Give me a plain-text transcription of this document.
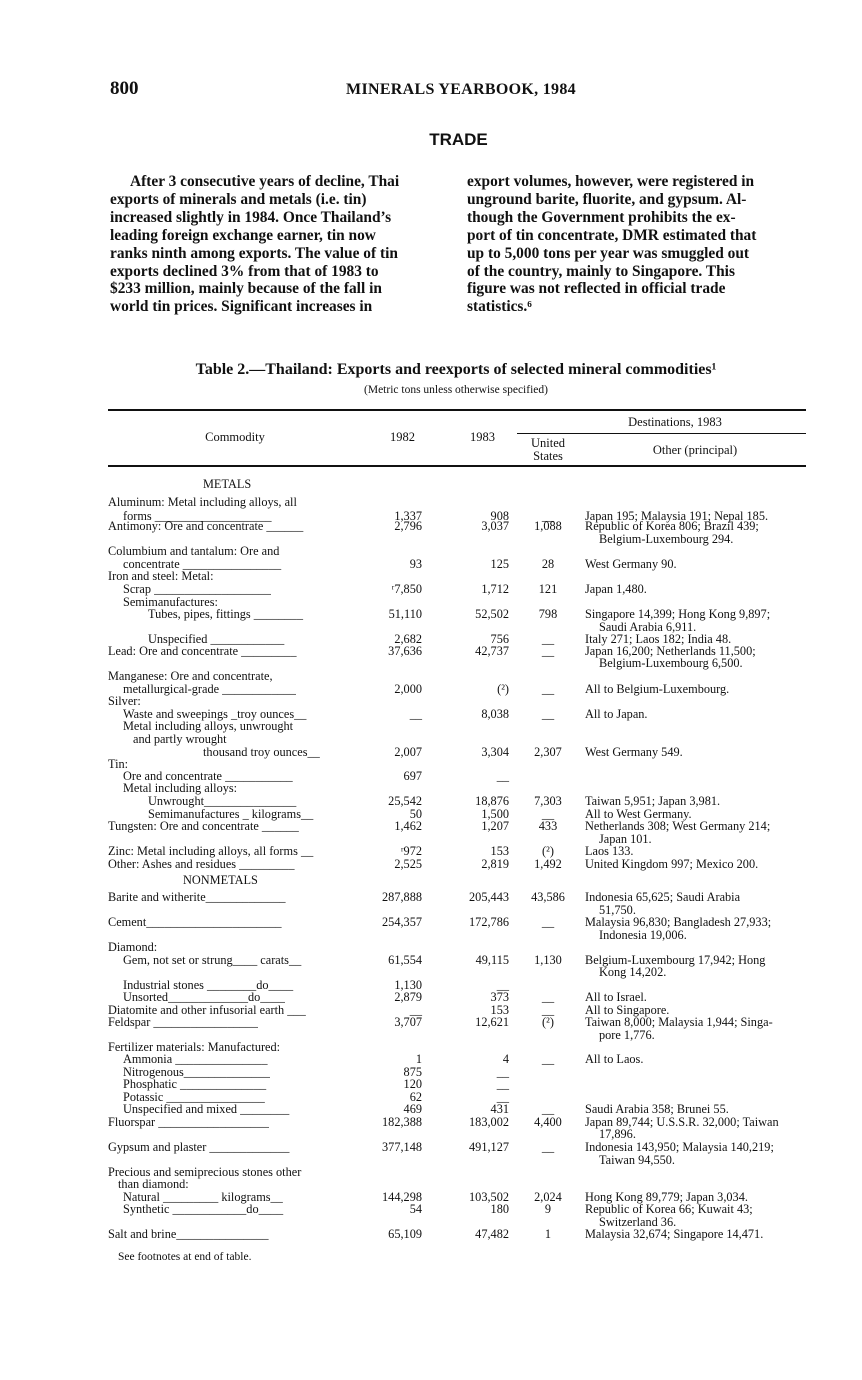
800	MINERALS YEARBOOK, 1984
TRADE

After 3 consecutive years of decline, Thai

exports of minerals and metals (i.e. tin)
increased slightly in 1984. Once Thailand’s
leading foreign exchange earner, tin now
ranks ninth among exports. The value of tin
exports declined 3% from that of 1983 to
$233 million, mainly because of the fall in
world tin prices. Significant increases in
export volumes, however, were registered in
unground barite, fluorite, and gypsum. Al-
though the Government prohibits the ex-
port of tin concentrate, DMR estimated that
up to 5,000 tons per year was smuggled out
of the country, mainly to Singapore. This
figure was not reflected in official trade
statistics.⁶
Table 2.—Thailand: Exports and reexports of selected mineral commodities¹
(Metric tons unless otherwise specified)
Commodity	1982	1983
Destinations, 1983
United States	Other (principal)
METALS
Aluminum: Metal including alloys, all
forms ___________________	1,337	908	__	Japan 195; Malaysia 191; Nepal 185.
Antimony: Ore and concentrate ______	2,796	3,037	1,088	Republic of Korea 806; Brazil 439;
Belgium-Luxembourg 294.
Columbium and tantalum: Ore and
concentrate ________________	93	125	28	West Germany 90.
Iron and steel: Metal:
Scrap ___________________	ʳ7,850	1,712	121	Japan 1,480.
Semimanufactures:
Tubes, pipes, fittings ________	51,110	52,502	798	Singapore 14,399; Hong Kong 9,897;
Saudi Arabia 6,911.
Unspecified ____________	2,682	756	__	Italy 271; Laos 182; India 48.
Lead: Ore and concentrate _________	37,636	42,737	__	Japan 16,200; Netherlands 11,500;
Belgium-Luxembourg 6,500.
Manganese: Ore and concentrate,
metallurgical-grade ____________	2,000	(²)	__	All to Belgium-Luxembourg.
Silver:
Waste and sweepings _troy ounces__	__	8,038	__	All to Japan.
Metal including alloys, unwrought
and partly wrought
thousand troy ounces__	2,007	3,304	2,307	West Germany 549.
Tin:
Ore and concentrate ___________	697	__
Metal including alloys:
Unwrought_______________	25,542	18,876	7,303	Taiwan 5,951; Japan 3,981.
Semimanufactures _ kilograms__	50	1,500	__	All to West Germany.
Tungsten: Ore and concentrate ______	1,462	1,207	433	Netherlands 308; West Germany 214;
Japan 101.
Zinc: Metal including alloys, all forms __	ʳ972	153	(²)	Laos 133.
Other: Ashes and residues _________	2,525	2,819	1,492	United Kingdom 997; Mexico 200.
NONMETALS
Barite and witherite_____________	287,888	205,443	43,586	Indonesia 65,625; Saudi Arabia
51,750.
Cement______________________	254,357	172,786	__	Malaysia 96,830; Bangladesh 27,933;
Indonesia 19,006.
Diamond:
Gem, not set or strung____ carats__	61,554	49,115	1,130	Belgium-Luxembourg 17,942; Hong
Kong 14,202.
Industrial stones ________do____	1,130	__
Unsorted_____________do____	2,879	373	__	All to Israel.
Diatomite and other infusorial earth ___	__	153	__	All to Singapore.
Feldspar _________________	3,707	12,621	(²)	Taiwan 8,000; Malaysia 1,944; Singa-
pore 1,776.
Fertilizer materials: Manufactured:
Ammonia _______________	1	4	__	All to Laos.
Nitrogenous______________	875	__
Phosphatic ______________	120	__
Potassic ________________	62	__
Unspecified and mixed ________	469	431	__	Saudi Arabia 358; Brunei 55.
Fluorspar __________________	182,388	183,002	4,400	Japan 89,744; U.S.S.R. 32,000; Taiwan
17,896.
Gypsum and plaster _____________	377,148	491,127	__	Indonesia 143,950; Malaysia 140,219;
Taiwan 94,550.
Precious and semiprecious stones other
than diamond:
Natural _________ kilograms__	144,298	103,502	2,024	Hong Kong 89,779; Japan 3,034.
Synthetic ____________do____	54	180	9	Republic of Korea 66; Kuwait 43;
Switzerland 36.
Salt and brine_______________	65,109	47,482	1	Malaysia 32,674; Singapore 14,471.
See footnotes at end of table.
